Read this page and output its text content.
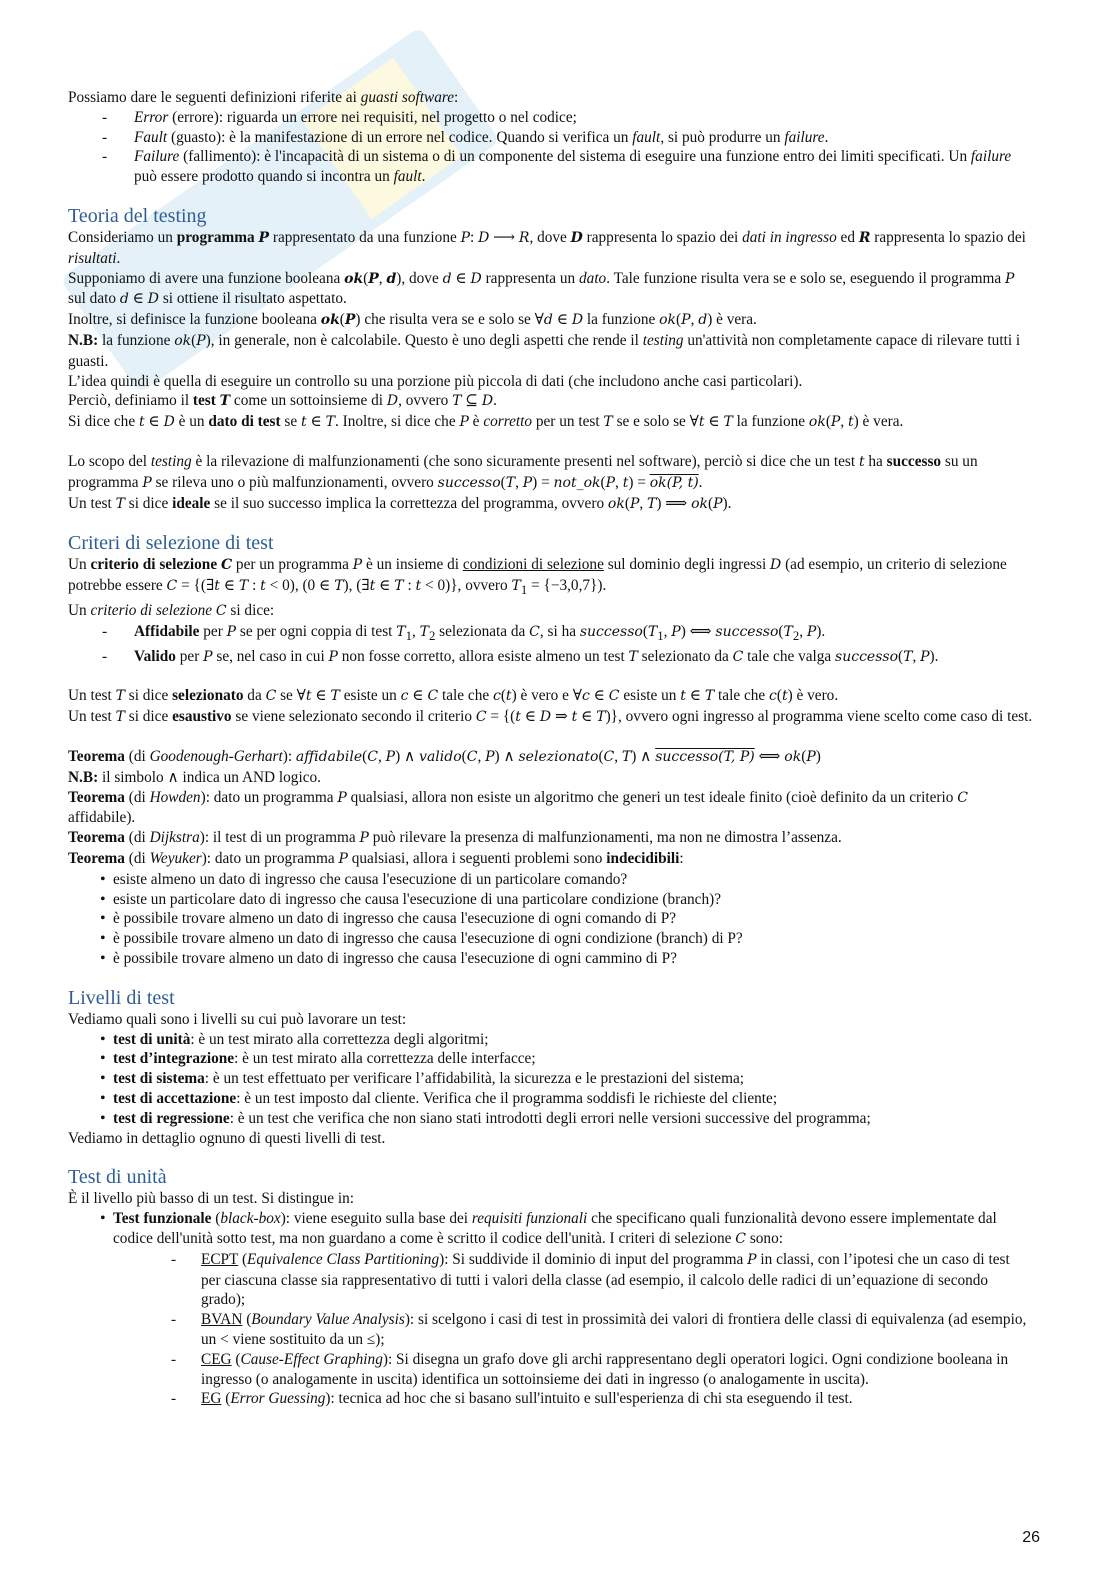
Possiamo dare le seguenti definizioni riferite ai guasti software:

- Error (errore): riguarda un errore nei requisiti, nel progetto o nel codice;
- Fault (guasto): è la manifestazione di un errore nel codice. Quando si verifica un fault, si può produrre un failure.
- Failure (fallimento): è l'incapacità di un sistema o di un componente del sistema di eseguire una funzione entro dei limiti specificati. Un failure può essere prodotto quando si incontra un fault.
Teoria del testing

Consideriamo un programma P rappresentato da una funzione P: D ⟶ R, dove D rappresenta lo spazio dei dati in ingresso ed R rappresenta lo spazio dei risultati.

Supponiamo di avere una funzione booleana ok(P, d), dove d ∈ D rappresenta un dato. Tale funzione risulta vera se e solo se, eseguendo il programma P sul dato d ∈ D si ottiene il risultato aspettato.

Inoltre, si definisce la funzione booleana ok(P) che risulta vera se e solo se ∀d ∈ D la funzione ok(P, d) è vera.

N.B: la funzione ok(P), in generale, non è calcolabile. Questo è uno degli aspetti che rende il testing un'attività non completamente capace di rilevare tutti i guasti.

L’idea quindi è quella di eseguire un controllo su una porzione più piccola di dati (che includono anche casi particolari).

Perciò, definiamo il test T come un sottoinsieme di D, ovvero T ⊆ D.

Si dice che t ∈ D è un dato di test se t ∈ T. Inoltre, si dice che P è corretto per un test T se e solo se ∀t ∈ T la funzione ok(P, t) è vera.

Lo scopo del testing è la rilevazione di malfunzionamenti (che sono sicuramente presenti nel software), perciò si dice che un test t ha successo su un programma P se rileva uno o più malfunzionamenti, ovvero successo(T, P) = not_ok(P, t) = ok(P, t).

Un test T si dice ideale se il suo successo implica la correttezza del programma, ovvero ok(P, T) ⟹ ok(P).

Criteri di selezione di test

Un criterio di selezione C per un programma P è un insieme di condizioni di selezione sul dominio degli ingressi D (ad esempio, un criterio di selezione potrebbe essere C = {(∃t ∈ T : t < 0), (0 ∈ T), (∃t ∈ T : t < 0)}, ovvero $T_1 = \{-3,0,7\}$).

Un criterio di selezione C si dice:

- Affidabile per P se per ogni coppia di test $T_1$, $T_2$ selezionata da C, si ha $successo(T_1$, P) ⟺ $successo(T_2$, P).
- Valido per P se, nel caso in cui P non fosse corretto, allora esiste almeno un test T selezionato da C tale che valga successo(T, P).

Un test T si dice selezionato da C se ∀t ∈ T esiste un c ∈ C tale che c(t) è vero e ∀c ∈ C esiste un t ∈ T tale che c(t) è vero.

Un test T si dice esaustivo se viene selezionato secondo il criterio C = {(t ∈ D ⇒ t ∈ T)}, ovvero ogni ingresso al programma viene scelto come caso di test.

Teorema (di Goodenough-Gerhart): affidabile(C, P) ∧ valido(C, P) ∧ selezionato(C, T) ∧ successo(T, P) ⟺ ok(P)

N.B: il simbolo ∧ indica un AND logico.

Teorema (di Howden): dato un programma P qualsiasi, allora non esiste un algoritmo che generi un test ideale finito (cioè definito da un criterio C affidabile).

Teorema (di Dijkstra): il test di un programma P può rilevare la presenza di malfunzionamenti, ma non ne dimostra l’assenza.

Teorema (di Weyuker): dato un programma P qualsiasi, allora i seguenti problemi sono indecidibili:

• esiste almeno un dato di ingresso che causa l'esecuzione di un particolare comando?
• esiste un particolare dato di ingresso che causa l'esecuzione di una particolare condizione (branch)?
• è possibile trovare almeno un dato di ingresso che causa l'esecuzione di ogni comando di P?
• è possibile trovare almeno un dato di ingresso che causa l'esecuzione di ogni condizione (branch) di P?
• è possibile trovare almeno un dato di ingresso che causa l'esecuzione di ogni cammino di P?
Livelli di test

Vediamo quali sono i livelli su cui può lavorare un test:

• test di unità: è un test mirato alla correttezza degli algoritmi;
• test d’integrazione: è un test mirato alla correttezza delle interfacce;
• test di sistema: è un test effettuato per verificare l’affidabilità, la sicurezza e le prestazioni del sistema;
• test di accettazione: è un test imposto dal cliente. Verifica che il programma soddisfi le richieste del cliente;
• test di regressione: è un test che verifica che non siano stati introdotti degli errori nelle versioni successive del programma;

Vediamo in dettaglio ognuno di questi livelli di test.

Test di unità

È il livello più basso di un test. Si distingue in:

• Test funzionale (black-box): viene eseguito sulla base dei requisiti funzionali che specificano quali funzionalità devono essere implementate dal codice dell'unità sotto test, ma non guardano a come è scritto il codice dell'unità. I criteri di selezione C sono:
- ECPT (Equivalence Class Partitioning): Si suddivide il dominio di input del programma P in classi, con l’ipotesi che un caso di test per ciascuna classe sia rappresentativo di tutti i valori della classe (ad esempio, il calcolo delle radici di un’equazione di secondo grado);
- BVAN (Boundary Value Analysis): si scelgono i casi di test in prossimità dei valori di frontiera delle classi di equivalenza (ad esempio, un < viene sostituito da un ≤);
- CEG (Cause-Effect Graphing): Si disegna un grafo dove gli archi rappresentano degli operatori logici. Ogni condizione booleana in ingresso (o analogamente in uscita) identifica un sottoinsieme dei dati in ingresso (o analogamente in uscita).
- EG (Error Guessing): tecnica ad hoc che si basano sull'intuito e sull'esperienza di chi sta eseguendo il test.
26
